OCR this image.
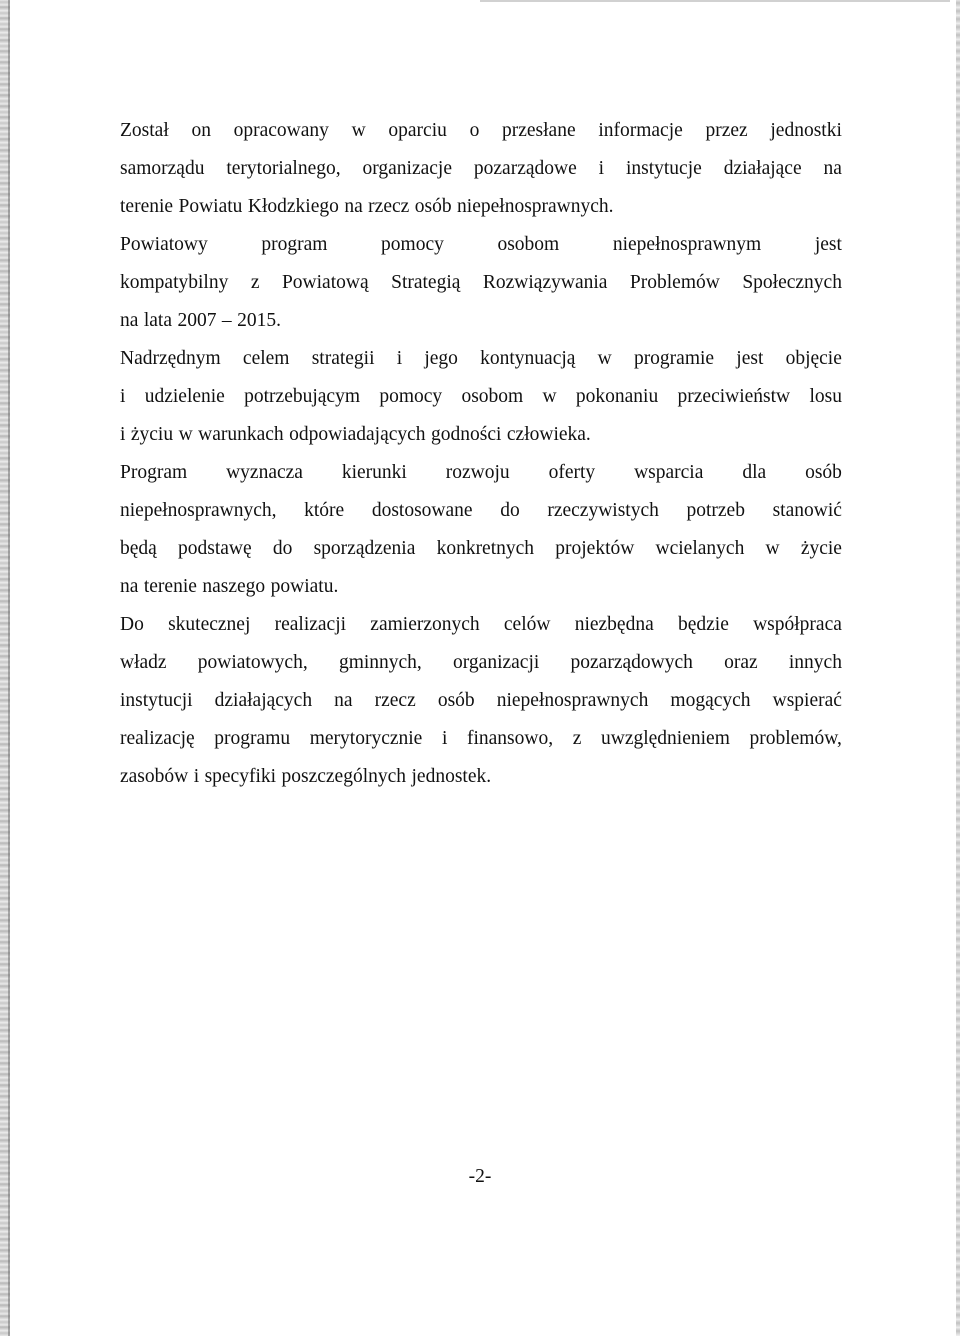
Został on opracowany w oparciu o przesłane informacje przez jednostki
samorządu terytorialnego, organizacje pozarządowe i instytucje działające na
terenie Powiatu Kłodzkiego na rzecz osób niepełnosprawnych.
Powiatowy	program	pomocy	osobom	niepełnosprawnym	jest
kompatybilny z Powiatową Strategią Rozwiązywania Problemów Społecznych
na lata 2007 – 2015.
Nadrzędnym celem strategii i jego kontynuacją w programie jest objęcie
i udzielenie potrzebującym pomocy osobom w pokonaniu przeciwieństw losu
i życiu w warunkach odpowiadających godności człowieka.
Program wyznacza kierunki rozwoju oferty wsparcia dla osób
niepełnosprawnych, które dostosowane do rzeczywistych potrzeb stanowić
będą podstawę do sporządzenia konkretnych projektów wcielanych w życie
na terenie naszego powiatu.
Do skutecznej realizacji zamierzonych celów niezbędna będzie współpraca
władz powiatowych, gminnych, organizacji pozarządowych oraz innych
instytucji działających na rzecz osób niepełnosprawnych mogących wspierać
realizację programu merytorycznie i finansowo, z uwzględnieniem problemów,
zasobów i specyfiki poszczególnych jednostek.
-2-
